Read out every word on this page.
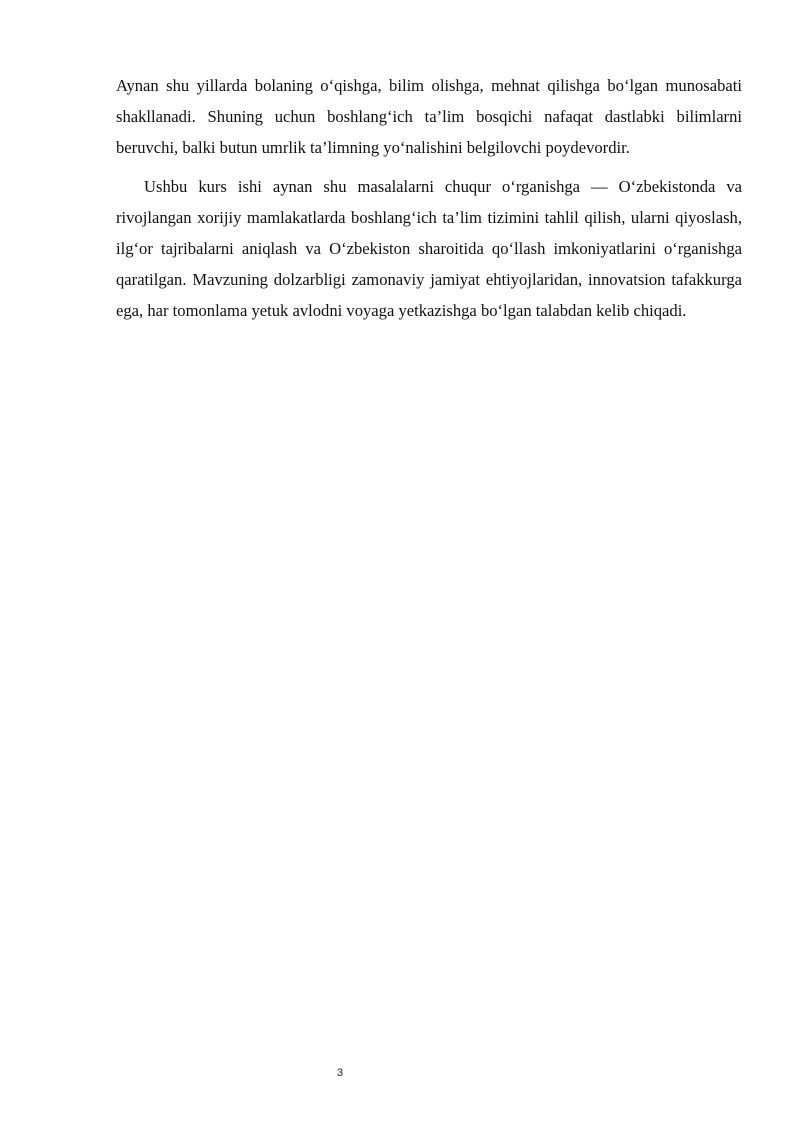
Aynan shu yillarda bolaning o‘qishga, bilim olishga, mehnat qilishga bo‘lgan munosabati shakllanadi. Shuning uchun boshlang‘ich ta’lim bosqichi nafaqat dastlabki bilimlarni beruvchi, balki butun umrlik ta’limning yo‘nalishini belgilovchi poydevordir.

Ushbu kurs ishi aynan shu masalalarni chuqur o‘rganishga — O‘zbekistonda va rivojlangan xorijiy mamlakatlarda boshlang‘ich ta’lim tizimini tahlil qilish, ularni qiyoslash, ilg‘or tajribalarni aniqlash va O‘zbekiston sharoitida qo‘llash imkoniyatlarini o‘rganishga qaratilgan. Mavzuning dolzarbligi zamonaviy jamiyat ehtiyojlaridan, innovatsion tafakkurga ega, har tomonlama yetuk avlodni voyaga yetkazishga bo‘lgan talabdan kelib chiqadi.

3
